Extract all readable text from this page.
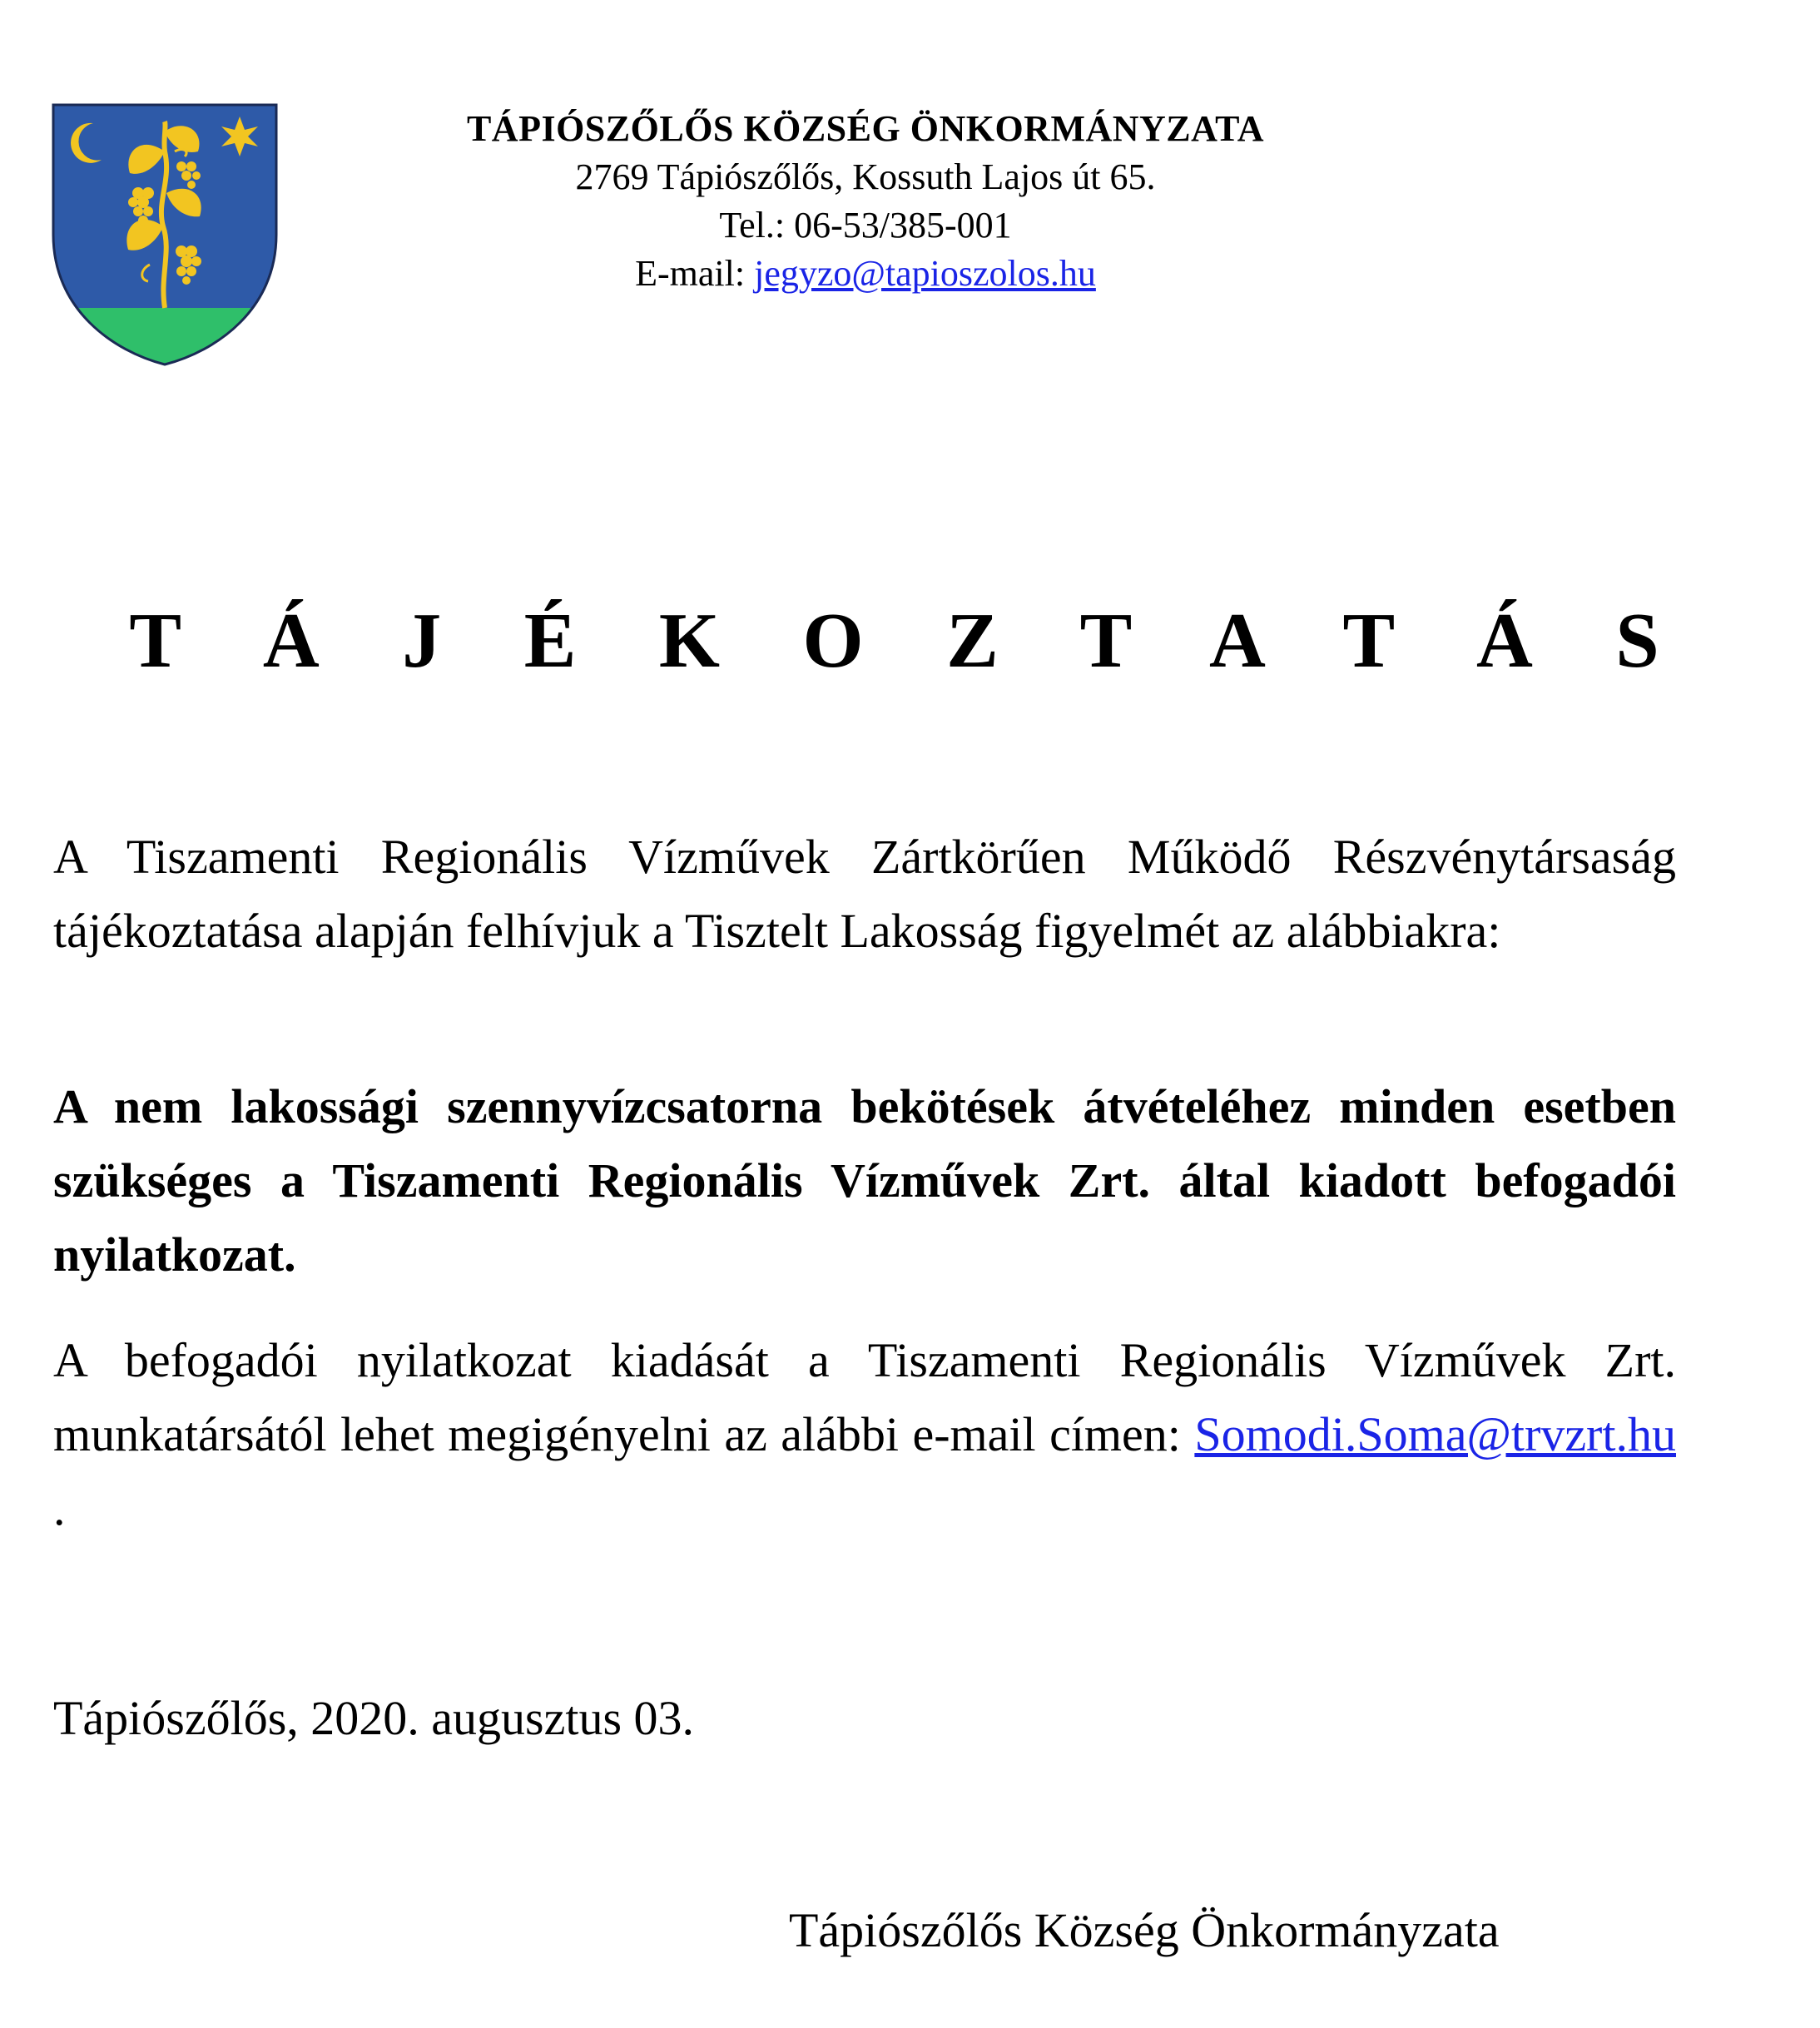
TÁPIÓSZŐLŐS KÖZSÉG ÖNKORMÁNYZATA
2769 Tápiószőlős, Kossuth Lajos út 65.
Tel.: 06-53/385-001
E-mail: jegyzo@tapioszolos.hu
T Á J É K O Z T A T Á S
A Tiszamenti Regionális Vízművek Zártkörűen Működő Részvénytársaság tájékoztatása alapján felhívjuk a Tisztelt Lakosság figyelmét az alábbiakra:
A nem lakossági szennyvízcsatorna bekötések átvételéhez minden esetben szükséges a Tiszamenti Regionális Vízművek Zrt. által kiadott befogadói nyilatkozat.
A befogadói nyilatkozat kiadását a Tiszamenti Regionális Vízművek Zrt. munkatársától lehet megigényelni az alábbi e-mail címen: Somodi.Soma@trvzrt.hu .
Tápiószőlős, 2020. augusztus 03.
Tápiószőlős Község Önkormányzata
